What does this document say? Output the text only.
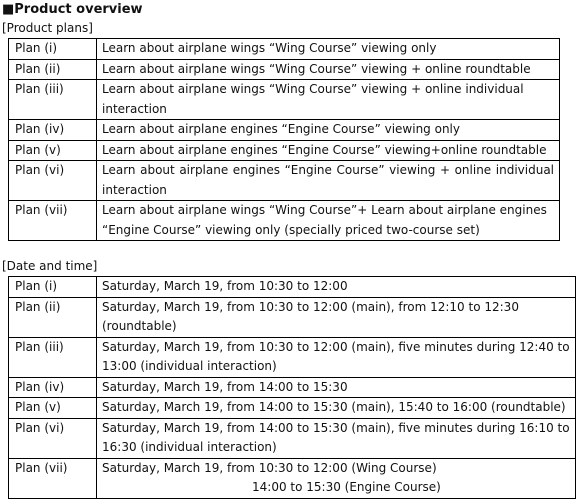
■Product overview
[Product plans]
Plan (i)	Learn about airplane wings “Wing Course” viewing only
Plan (ii)	Learn about airplane wings “Wing Course” viewing + online roundtable
Plan (iii)	Learn about airplane wings “Wing Course” viewing + online individual interaction
Plan (iv)	Learn about airplane engines “Engine Course” viewing only
Plan (v)	Learn about airplane engines “Engine Course” viewing+online roundtable
Plan (vi)	Learn about airplane engines “Engine Course” viewing + online individual interaction
Plan (vii)	Learn about airplane wings “Wing Course”+ Learn about airplane engines “Engine Course” viewing only (specially priced two-course set)
[Date and time]
Plan (i)	Saturday, March 19, from 10:30 to 12:00
Plan (ii)	Saturday, March 19, from 10:30 to 12:00 (main), from 12:10 to 12:30 (roundtable)
Plan (iii)	Saturday, March 19, from 10:30 to 12:00 (main), five minutes during 12:40 to 13:00 (individual interaction)
Plan (iv)	Saturday, March 19, from 14:00 to 15:30
Plan (v)	Saturday, March 19, from 14:00 to 15:30 (main), 15:40 to 16:00 (roundtable)
Plan (vi)	Saturday, March 19, from 14:00 to 15:30 (main), five minutes during 16:10 to 16:30 (individual interaction)
Plan (vii)	Saturday, March 19, from 10:30 to 12:00 (Wing Course)
14:00 to 15:30 (Engine Course)
